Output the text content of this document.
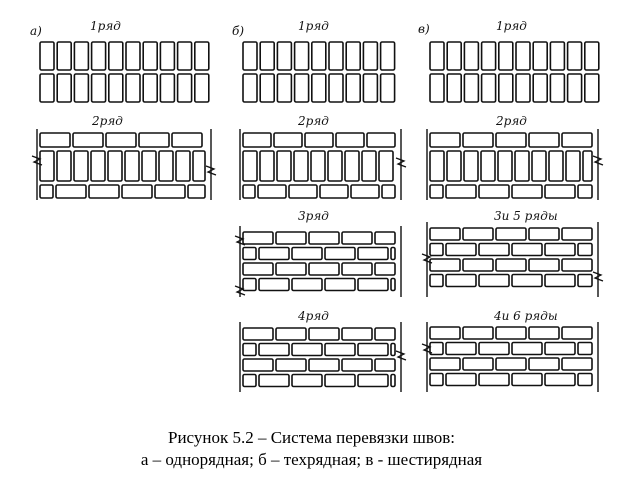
а)	б)	в)
1ряд
2ряд
1ряд
2ряд
3ряд
4ряд
1ряд
2ряд
3и 5 ряды
4и 6 ряды
Рисунок 5.2 – Система перевязки швов:
а – однорядная; б – техрядная; в - шестирядная
